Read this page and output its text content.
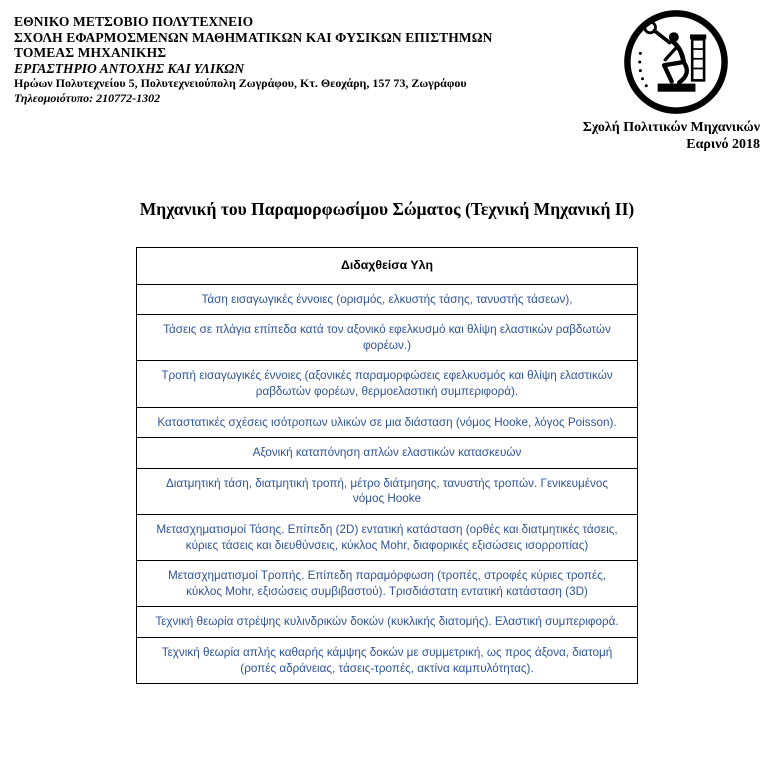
ΕΘΝΙΚΟ ΜΕΤΣΟΒΙΟ ΠΟΛΥΤΕΧΝΕΙΟ
ΣΧΟΛΗ ΕΦΑΡΜΟΣΜΕΝΩΝ ΜΑΘΗΜΑΤΙΚΩΝ ΚΑΙ ΦΥΣΙΚΩΝ ΕΠΙΣΤΗΜΩΝ
ΤΟΜΕΑΣ ΜΗΧΑΝΙΚΗΣ
ΕΡΓΑΣΤΗΡΙΟ ΑΝΤΟΧΗΣ ΚΑΙ ΥΛΙΚΩΝ
Ηρώων Πολυτεχνείου 5, Πολυτεχνειούπολη Ζωγράφου, Κτ. Θεοχάρη, 157 73, Ζωγράφου
Τηλεομοιότυπο: 210772-1302
Σχολή Πολιτικών Μηχανικών
Εαρινό 2018
Μηχανική του Παραμορφωσίμου Σώματος (Τεχνική Μηχανική ΙΙ)
Διδαχθείσα Υλη
Τάση εισαγωγικές έννοιες (ορισμός, ελκυστής τάσης, τανυστής τάσεων),
Τάσεις σε πλάγια επίπεδα κατά τον αξονικό εφελκυσμό και θλίψη ελαστικών ραβδωτών φορέων.)
Τροπή εισαγωγικές έννοιες (αξονικές παραμορφώσεις εφελκυσμός και θλίψη ελαστικών ραβδωτών φορέων, θερμοελαστική συμπεριφορά).
Καταστατικές σχέσεις ισότροπων υλικών σε μια διάσταση (νόμος Hooke, λόγος Poisson).
Αξονική καταπόνηση απλών ελαστικών κατασκευών
Διατμητική τάση, διατμητική τροπή, μέτρο διάτμησης, τανυστής τροπών. Γενικευμένος νόμος Hooke
Μετασχηματισμοί Τάσης. Επίπεδη (2D) εντατική κατάσταση (ορθές και διατμητικές τάσεις, κύριες τάσεις και διευθύνσεις, κύκλος Mohr, διαφορικές εξισώσεις ισορροπίας)
Μετασχηματισμοί Τροπής. Επίπεδη παραμόρφωση (τροπές, στροφές κύριες τροπές, κύκλος Mohr, εξισώσεις συμβιβαστού). Τρισδιάστατη εντατική κατάσταση (3D)
Τεχνική θεωρία στρέψης κυλινδρικών δοκών (κυκλικής διατομής). Ελαστική συμπεριφορά.
Τεχνική θεωρία απλής καθαρής κάμψης δοκών με συμμετρική, ως προς άξονα, διατομή (ροπές αδράνειας, τάσεις-τροπές, ακτίνα καμπυλότητας).
